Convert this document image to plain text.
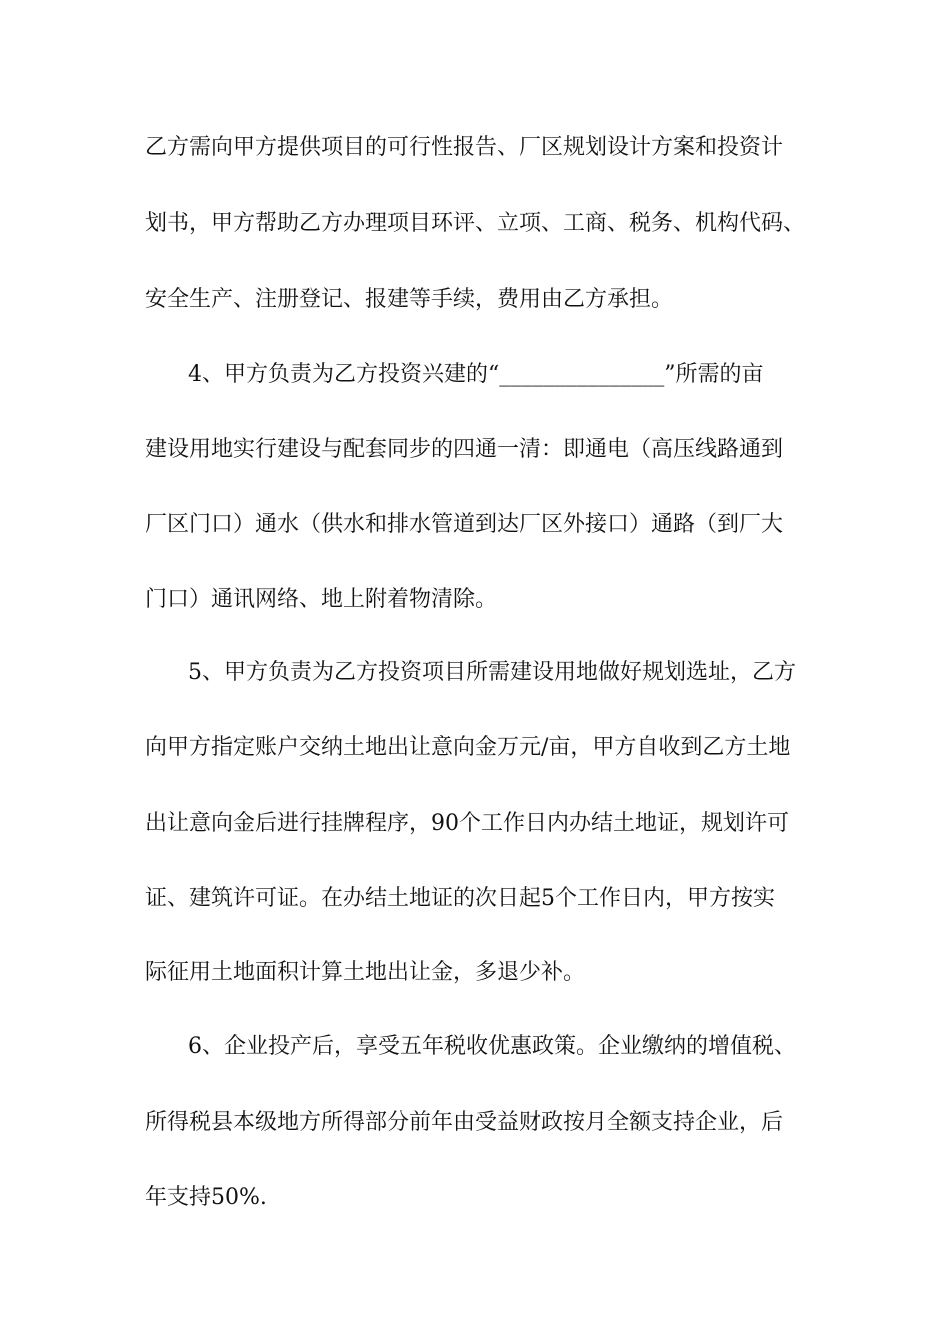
乙方需向甲方提供项目的可行性报告、厂区规划设计方案和投资计
划书，甲方帮助乙方办理项目环评、立项、工商、税务、机构代码、
安全生产、注册登记、报建等手续，费用由乙方承担。
4、甲方负责为乙方投资兴建的“_______________”所需的亩
建设用地实行建设与配套同步的四通一清：即通电（高压线路通到
厂区门口）通水（供水和排水管道到达厂区外接口）通路（到厂大
门口）通讯网络、地上附着物清除。
5、甲方负责为乙方投资项目所需建设用地做好规划选址，乙方
向甲方指定账户交纳土地出让意向金万元/亩，甲方自收到乙方土地
出让意向金后进行挂牌程序，90个工作日内办结土地证，规划许可
证、建筑许可证。在办结土地证的次日起5个工作日内，甲方按实
际征用土地面积计算土地出让金，多退少补。
6、企业投产后，享受五年税收优惠政策。企业缴纳的增值税、
所得税县本级地方所得部分前年由受益财政按月全额支持企业，后
年支持50%.
